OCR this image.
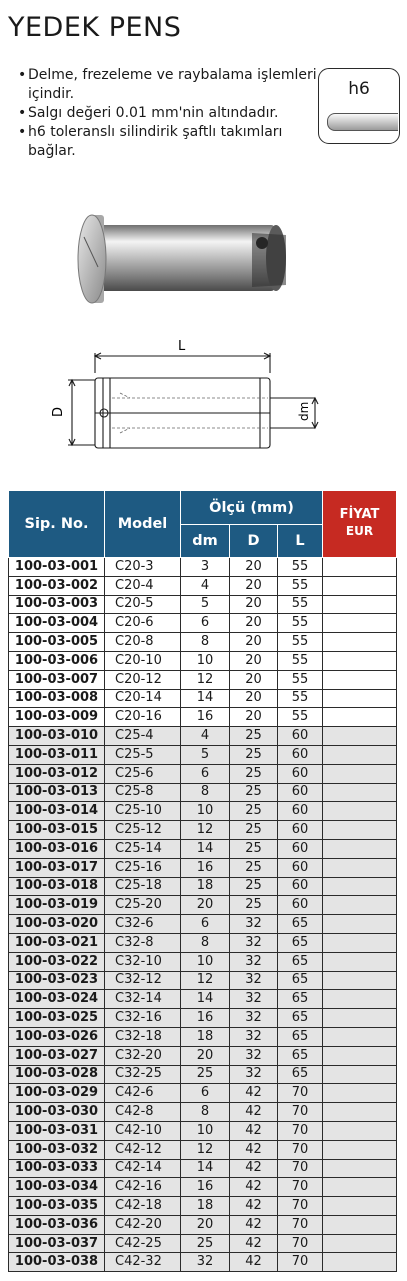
YEDEK PENS
• Delme, frezeleme ve raybalama işlemleri içindir.
• Salgı değeri 0.01 mm'nin altındadır.
• h6 toleranslı silindirik şaftlı takımları bağlar.
h6
L
D	dm
Sip. No.	Model	Ölçü (mm)			FİYAT
EUR

		dm	D	L	
100-03-001	C20-3	3	20	55	
100-03-002	C20-4	4	20	55	
100-03-003	C20-5	5	20	55	
100-03-004	C20-6	6	20	55	
100-03-005	C20-8	8	20	55	
100-03-006	C20-10	10	20	55	
100-03-007	C20-12	12	20	55	
100-03-008	C20-14	14	20	55	
100-03-009	C20-16	16	20	55	
100-03-010	C25-4	4	25	60	
100-03-011	C25-5	5	25	60	
100-03-012	C25-6	6	25	60	
100-03-013	C25-8	8	25	60	
100-03-014	C25-10	10	25	60	
100-03-015	C25-12	12	25	60	
100-03-016	C25-14	14	25	60	
100-03-017	C25-16	16	25	60	
100-03-018	C25-18	18	25	60	
100-03-019	C25-20	20	25	60	
100-03-020	C32-6	6	32	65	
100-03-021	C32-8	8	32	65	
100-03-022	C32-10	10	32	65	
100-03-023	C32-12	12	32	65	
100-03-024	C32-14	14	32	65	
100-03-025	C32-16	16	32	65	
100-03-026	C32-18	18	32	65	
100-03-027	C32-20	20	32	65	
100-03-028	C32-25	25	32	65	
100-03-029	C42-6	6	42	70	
100-03-030	C42-8	8	42	70	
100-03-031	C42-10	10	42	70	
100-03-032	C42-12	12	42	70	
100-03-033	C42-14	14	42	70	
100-03-034	C42-16	16	42	70	
100-03-035	C42-18	18	42	70	
100-03-036	C42-20	20	42	70	
100-03-037	C42-25	25	42	70	
100-03-038	C42-32	32	42	70	
